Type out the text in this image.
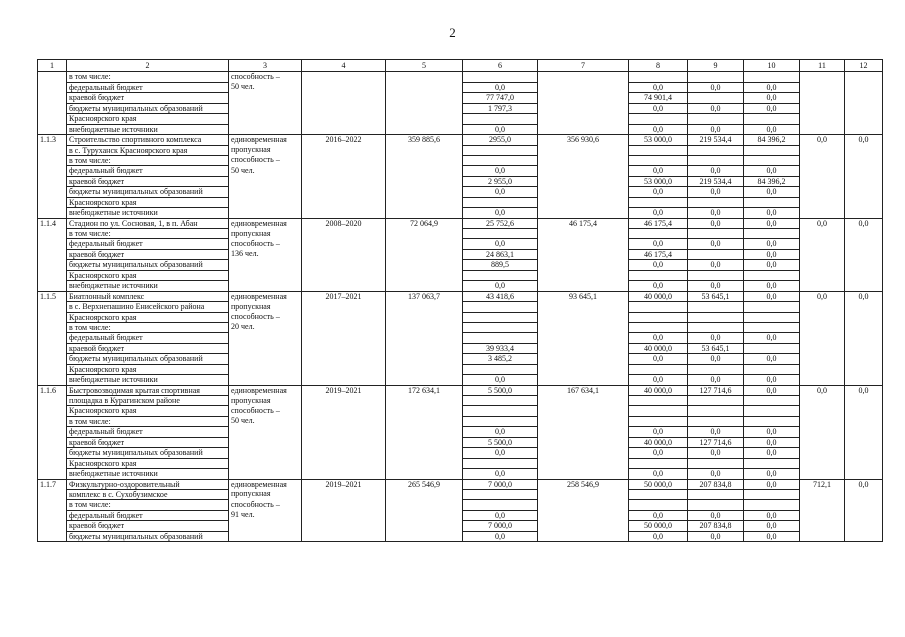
2
1	2	3	4	5	6	7	8	9	10	11	12
	в том числе:	способность –									
	федеральный бюджет	50 чел.			0,0		0,0	0,0	0,0		
	краевой бюджет				77 747,0		74 901,4		0,0		
	бюджеты муниципальных образований				1 797,3		0,0	0,0	0,0		
	Красноярского края										
	внебюджетные источники				0,0		0,0	0,0	0,0		
1.1.3	Строительство спортивного комплекса	единовременная	2016–2022	359 885,6	2955,0	356 930,6	53 000,0	219 534,4	84 396,2	0,0	0,0
	в с. Туруханск Красноярского края	пропускная									
	в том числе:	способность –									
	федеральный бюджет	50 чел.			0,0		0,0	0,0	0,0		
	краевой бюджет				2 955,0		53 000,0	219 534,4	84 396,2		
	бюджеты муниципальных образований				0,0		0,0	0,0	0,0		
	Красноярского края										
	внебюджетные источники				0,0		0,0	0,0	0,0		
1.1.4	Стадион по ул. Сосновая, 1, в п. Абан	единовременная	2008–2020	72 064,9	25 752,6	46 175,4	46 175,4	0,0	0,0	0,0	0,0
	в том числе:	пропускная									
	федеральный бюджет	способность –			0,0		0,0	0,0	0,0		
	краевой бюджет	136 чел.			24 863,1		46 175,4		0,0		
	бюджеты муниципальных образований				889,5		0,0	0,0	0,0		
	Красноярского края										
	внебюджетные источники				0,0		0,0	0,0	0,0		
1.1.5	Биатлонный комплекс	единовременная	2017–2021	137 063,7	43 418,6	93 645,1	40 000,0	53 645,1	0,0	0,0	0,0
	в с. Верхнепашино Енисейского района	пропускная									
	Красноярского края	способность –									
	в том числе:	20 чел.									
	федеральный бюджет						0,0	0,0	0,0		
	краевой бюджет				39 933,4		40 000,0	53 645,1			
	бюджеты муниципальных образований				3 485,2		0,0	0,0	0,0		
	Красноярского края										
	внебюджетные источники				0,0		0,0	0,0	0,0		
1.1.6	Быстровозводимая крытая спортивная	единовременная	2019–2021	172 634,1	5 500,0	167 634,1	40 000,0	127 714,6	0,0	0,0	0,0
	площадка в Курагинском районе	пропускная									
	Красноярского края	способность –									
	в том числе:	50 чел.									
	федеральный бюджет				0,0		0,0	0,0	0,0		
	краевой бюджет				5 500,0		40 000,0	127 714,6	0,0		
	бюджеты муниципальных образований				0,0		0,0	0,0	0,0		
	Красноярского края										
	внебюджетные источники				0,0		0,0	0,0	0,0		
1.1.7	Физкультурно-оздоровительный	единовременная	2019–2021	265 546,9	7 000,0	258 546,9	50 000,0	207 834,8	0,0	712,1	0,0
	комплекс в с. Сухобузимское	пропускная									
	в том числе:	способность –									
	федеральный бюджет	91 чел.			0,0		0,0	0,0	0,0		
	краевой бюджет				7 000,0		50 000,0	207 834,8	0,0		
	бюджеты муниципальных образований				0,0		0,0	0,0	0,0		
